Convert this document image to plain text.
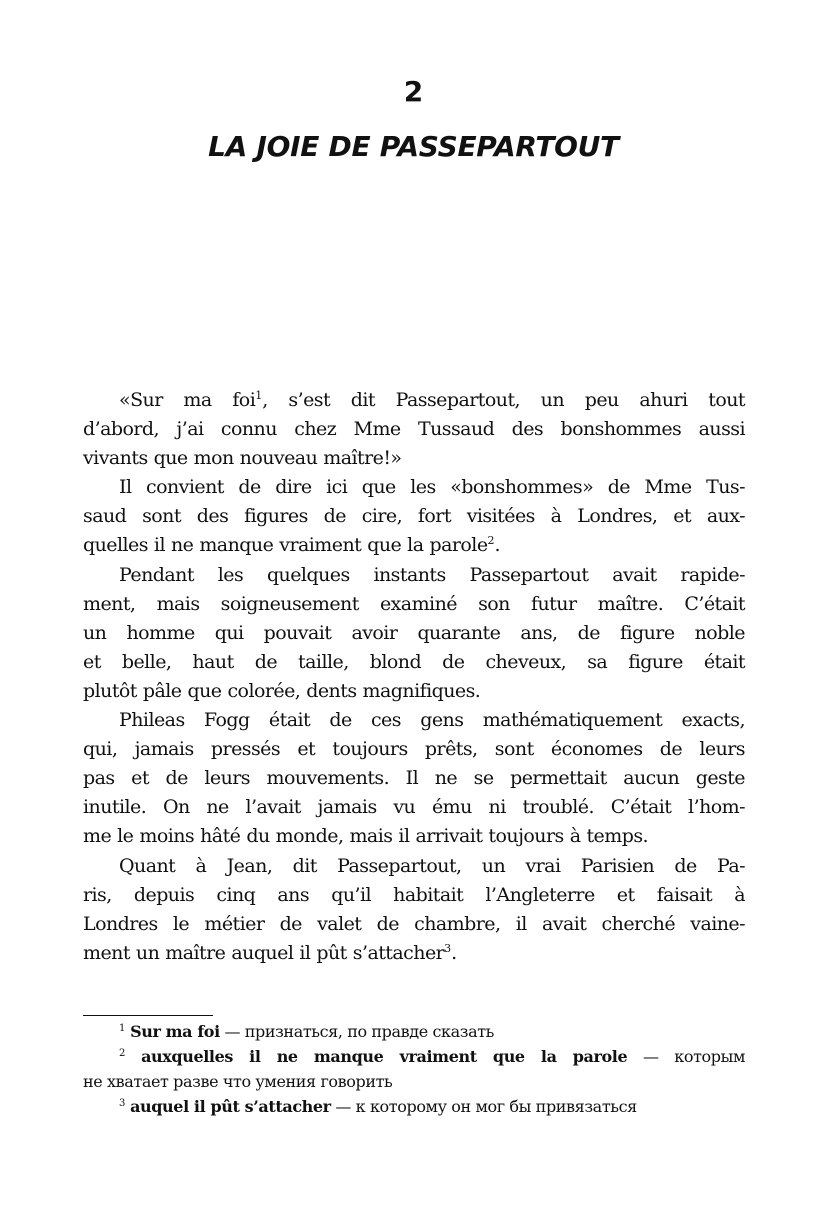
2
LA JOIE DE PASSEPARTOUT
«Sur ma foi$^1$, s’est dit Passepartout, un peu ahuri tout
d’abord, j’ai connu chez Mme Tussaud des bonshommes aussi
vivants que mon nouveau maître!»
Il convient de dire ici que les «bonshommes» de Mme Tus-
saud sont des figures de cire, fort visitées à Londres, et aux-
quelles il ne manque vraiment que la parole$^2$.
Pendant les quelques instants Passepartout avait rapide-
ment, mais soigneusement examiné son futur maître. C’était
un homme qui pouvait avoir quarante ans, de figure noble
et belle, haut de taille, blond de cheveux, sa figure était
plutôt pâle que colorée, dents magnifiques.
Phileas Fogg était de ces gens mathématiquement exacts,
qui, jamais pressés et toujours prêts, sont économes de leurs
pas et de leurs mouvements. Il ne se permettait aucun geste
inutile. On ne l’avait jamais vu ému ni troublé. C’était l’hom-
me le moins hâté du monde, mais il arrivait toujours à temps.
Quant à Jean, dit Passepartout, un vrai Parisien de Pa-
ris, depuis cinq ans qu’il habitait l’Angleterre et faisait à
Londres le métier de valet de chambre, il avait cherché vaine-
ment un maître auquel il pût s’attacher$^3$.
$^1$ Sur ma foi — признаться, по правде сказать
$^2$ auxquelles il ne manque vraiment que la parole — которым
не хватает разве что умения говорить
$^3$ auquel il pût s’attacher — к которому он мог бы привязаться
